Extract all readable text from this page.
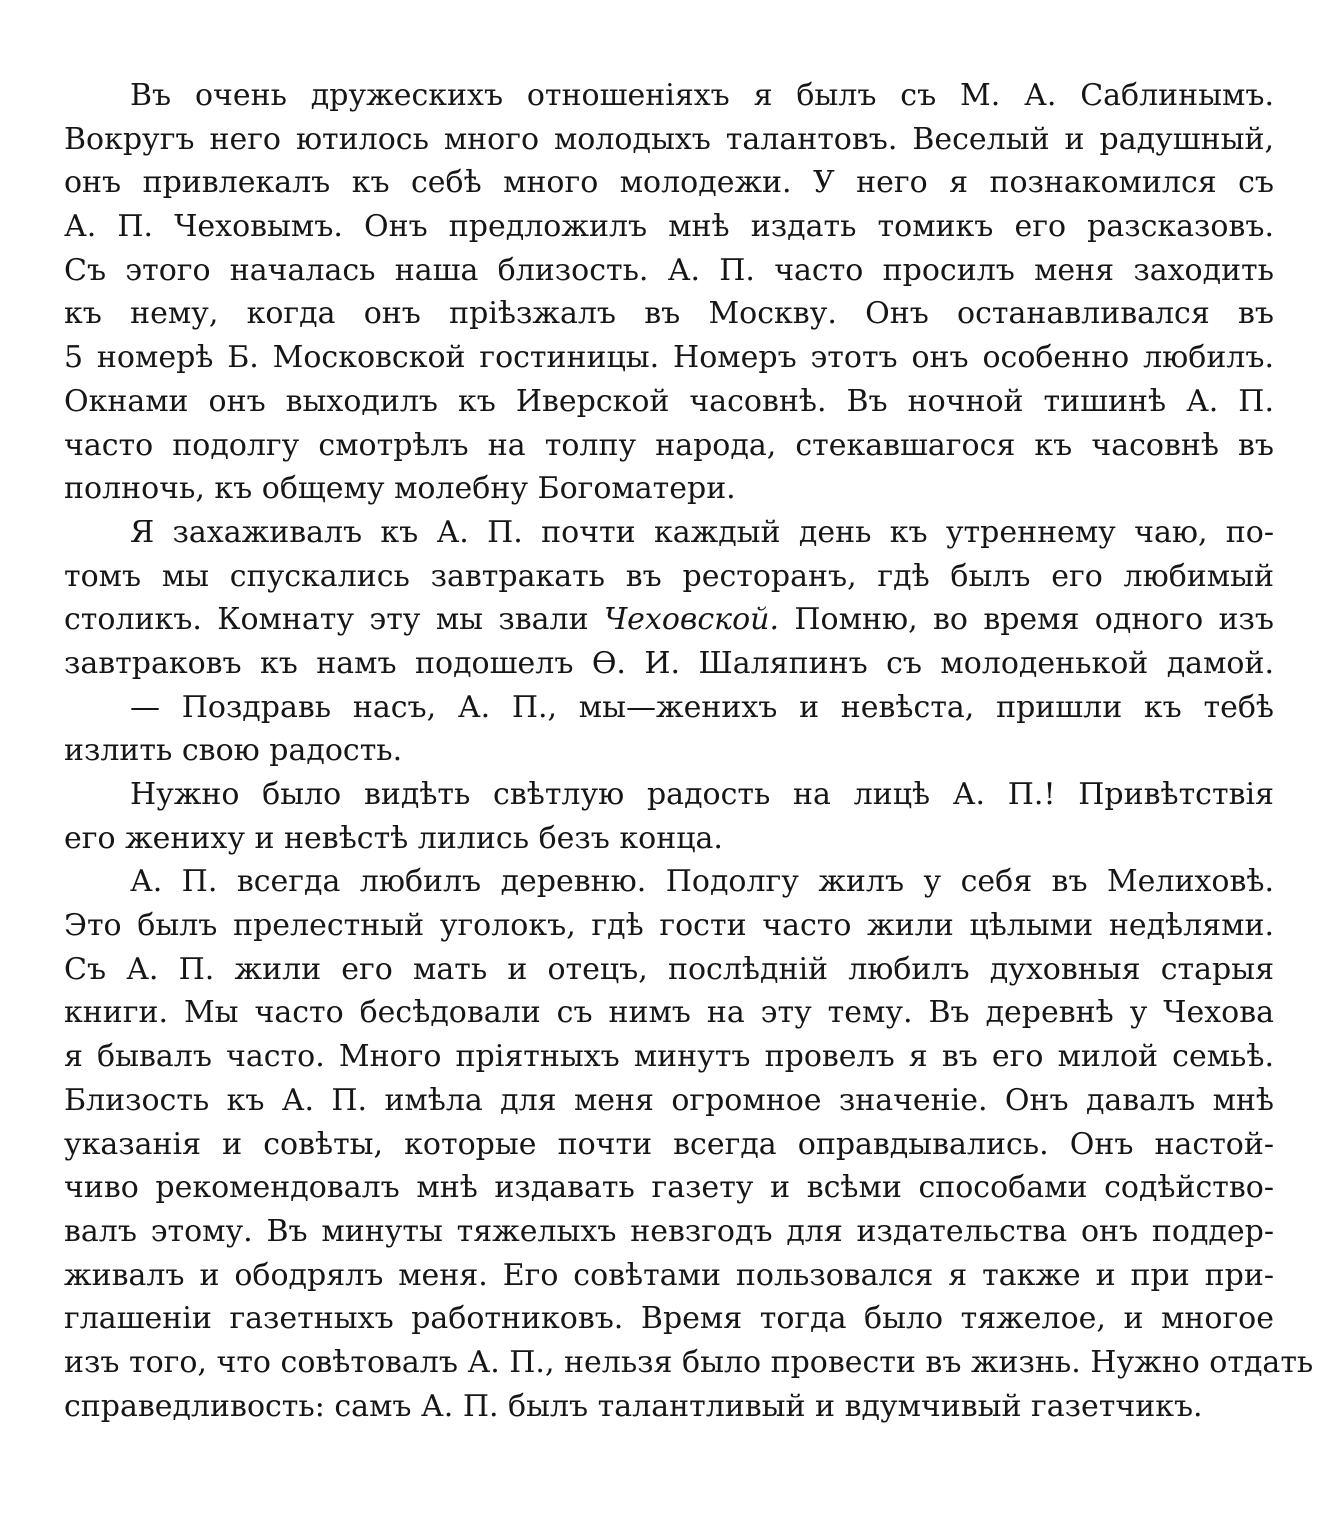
Въ очень дружескихъ отношеніяхъ я былъ съ М. А. Саблинымъ.
Вокругъ него ютилось много молодыхъ талантовъ. Веселый и радушный,
онъ привлекалъ къ себѣ много молодежи. У него я познакомился съ
А. П. Чеховымъ. Онъ предложилъ мнѣ издать томикъ его разсказовъ.
Съ этого началась наша близость. А. П. часто просилъ меня заходить
къ нему, когда онъ пріѣзжалъ въ Москву. Онъ останавливался въ
5 номерѣ Б. Московской гостиницы. Номеръ этотъ онъ особенно любилъ.
Окнами онъ выходилъ къ Иверской часовнѣ. Въ ночной тишинѣ А. П.
часто подолгу смотрѣлъ на толпу народа, стекавшагося къ часовнѣ въ
полночь, къ общему молебну Богоматери.
Я захаживалъ къ А. П. почти каждый день къ утреннему чаю, по-
томъ мы спускались завтракать въ ресторанъ, гдѣ былъ его любимый
столикъ. Комнату эту мы звали Чеховской. Помню, во время одного изъ
завтраковъ къ намъ подошелъ Ѳ. И. Шаляпинъ съ молоденькой дамой.
— Поздравь насъ, А. П., мы—женихъ и невѣста, пришли къ тебѣ
излить свою радость.
Нужно было видѣть свѣтлую радость на лицѣ А. П.! Привѣтствія
его жениху и невѣстѣ лились безъ конца.
А. П. всегда любилъ деревню. Подолгу жилъ у себя въ Мелиховѣ.
Это былъ прелестный уголокъ, гдѣ гости часто жили цѣлыми недѣлями.
Съ А. П. жили его мать и отецъ, послѣдній любилъ духовныя старыя
книги. Мы часто бесѣдовали съ нимъ на эту тему. Въ деревнѣ у Чехова
я бывалъ часто. Много пріятныхъ минутъ провелъ я въ его милой семьѣ.
Близость къ А. П. имѣла для меня огромное значеніе. Онъ давалъ мнѣ
указанія и совѣты, которые почти всегда оправдывались. Онъ настой-
чиво рекомендовалъ мнѣ издавать газету и всѣми способами содѣйство-
валъ этому. Въ минуты тяжелыхъ невзгодъ для издательства онъ поддер-
живалъ и ободрялъ меня. Его совѣтами пользовался я также и при при-
глашеніи газетныхъ работниковъ. Время тогда было тяжелое, и многое
изъ того, что совѣтовалъ А. П., нельзя было провести въ жизнь. Нужно отдать
справедливость: самъ А. П. былъ талантливый и вдумчивый газетчикъ.
